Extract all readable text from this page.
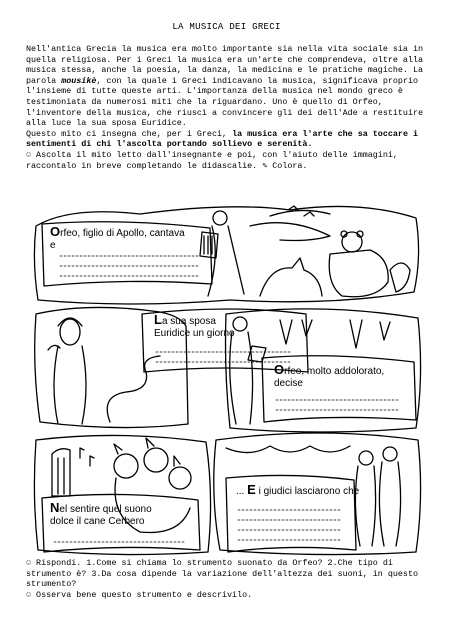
LA MUSICA DEI GRECI

Nell'antica Grecia la musica era molto importante sia nella vita sociale sia in quella religiosa. Per i Greci la musica era un'arte che comprendeva, oltre alla musica stessa, anche la poesia, la danza, la medicina e le pratiche magiche. La parola mousikè, con la quale i Greci indicavano la musica, significava proprio l'insieme di tutte queste arti. L'importanza della musica nel mondo greco è testimoniata da numerosi miti che la riguardano. Uno è quello di Orfeo, l'inventore della musica, che riuscì a convincere gli dei dell'Ade a restituire alla luce la sua sposa Euridice.

Questo mito ci insegna che, per i Greci, la musica era l'arte che sa toccare i sentimenti di chi l'ascolta portando sollievo e serenità.

☺ Ascolta il mito letto dall'insegnante e poi, con l'aiuto delle immagini, raccontalo in breve completando le didascalie. ✎ Colora.

Orfeo, figlio di Apollo, cantava
e
La sua sposa
Euridice un giorno
Orfeo, molto addolorato,
decise
Nel sentire quel suono
dolce il cane Cerbero
... E i giudici lasciarono che

☺ Rispondi. 1.Come si chiama lo strumento suonato da Orfeo? 2.Che tipo di strumento è? 3.Da cosa dipende la variazione dell'altezza dei suoni, in questo strumento?

☺ Osserva bene questo strumento e descrivilo.
